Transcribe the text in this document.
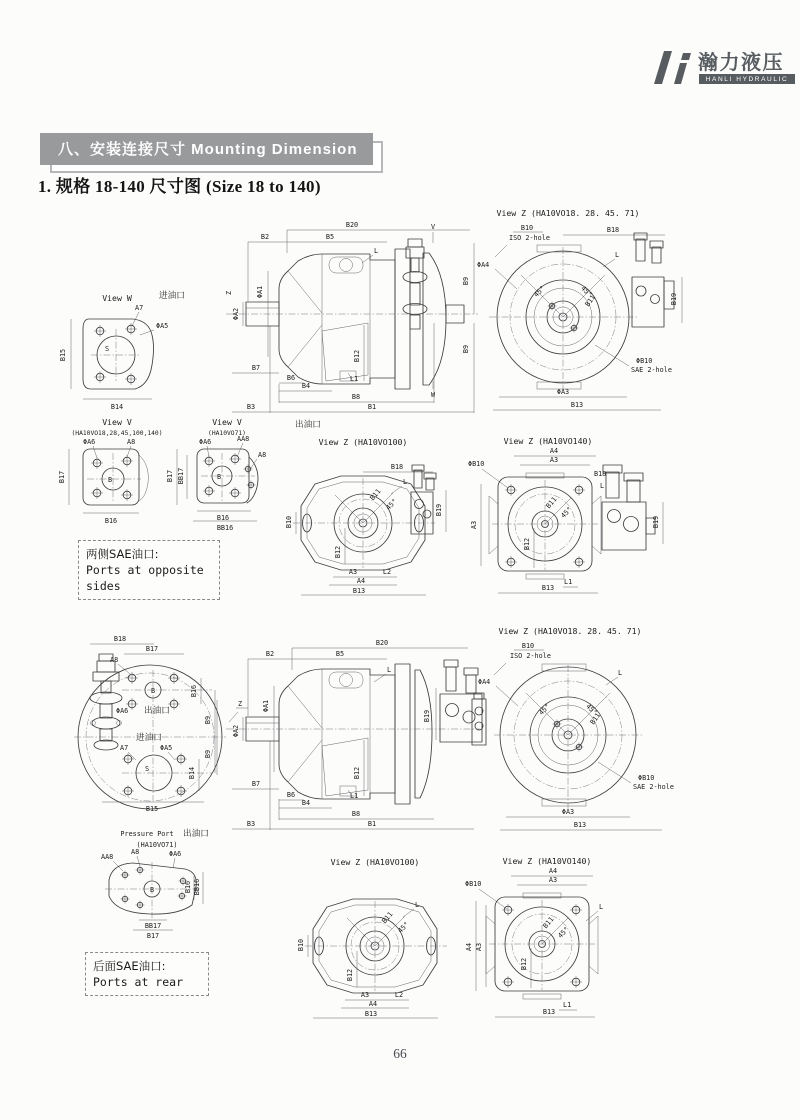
瀚力液压
HANLI HYDRAULIC
八、安装连接尺寸 Mounting Dimension
1. 规格 18-140 尺寸图 (Size 18 to 140)
View W	进油口
A7
S
ΦA5
B15
B14
View V
(HA10VO18,28,45,100,140)
B
ΦA6	A8
B17
B16
View V
(HA10VO71)
B
ΦA6	AA8
A8
B17 BB17
B16
BB16
出油口
两侧SAE油口:
Ports at opposite
sides
B20
B5
B2
V
L
ΦA1
Z
ΦA2
B7
B6
B4
L1
B12
B8
B3	B1
B9
B9
W
View Z (HA10VO18. 28. 45. 71)
B10
ISO 2-hole
B18
ΦA4
45°	45°
B11
L
B19
ΦB10
SAE 2-hole
ΦA3
B13
View Z (HA10VO100)
B18
L
B11
45°
B10
B12
B19
A3	L2
A4
B13
View Z (HA10VO140)
A4
A3
ΦB10
B18
L
B11
45°
B12
B19
A3
B13
L1
B18
B17
A8
B
ΦA6 出油口
进油口
A7	ΦA5
S
B16
B9
B9
B14
B15
Pressure Port 出油口
(HA10VO71)
AA8
A8	ΦA6
B	B16 BB16
BB17
B17
后面SAE油口:
Ports at rear
B20
B2	B5
L
Z
B19
ΦA1
ΦA2
B7
B6
B4
L1
B12
B8
B3	B1
View Z (HA10VO18. 28. 45. 71)
B10
ISO 2-hole
ΦA4
45°	45°
B11
L
ΦB10
SAE 2-hole
ΦA3
B13
View Z (HA10VO100)
L
B11
45°
B10
B12
A3	L2
A4
B13
View Z (HA10VO140)
A4
A3
ΦB10
L
B11
45°
B12
A4 A3
B13
L1
66
